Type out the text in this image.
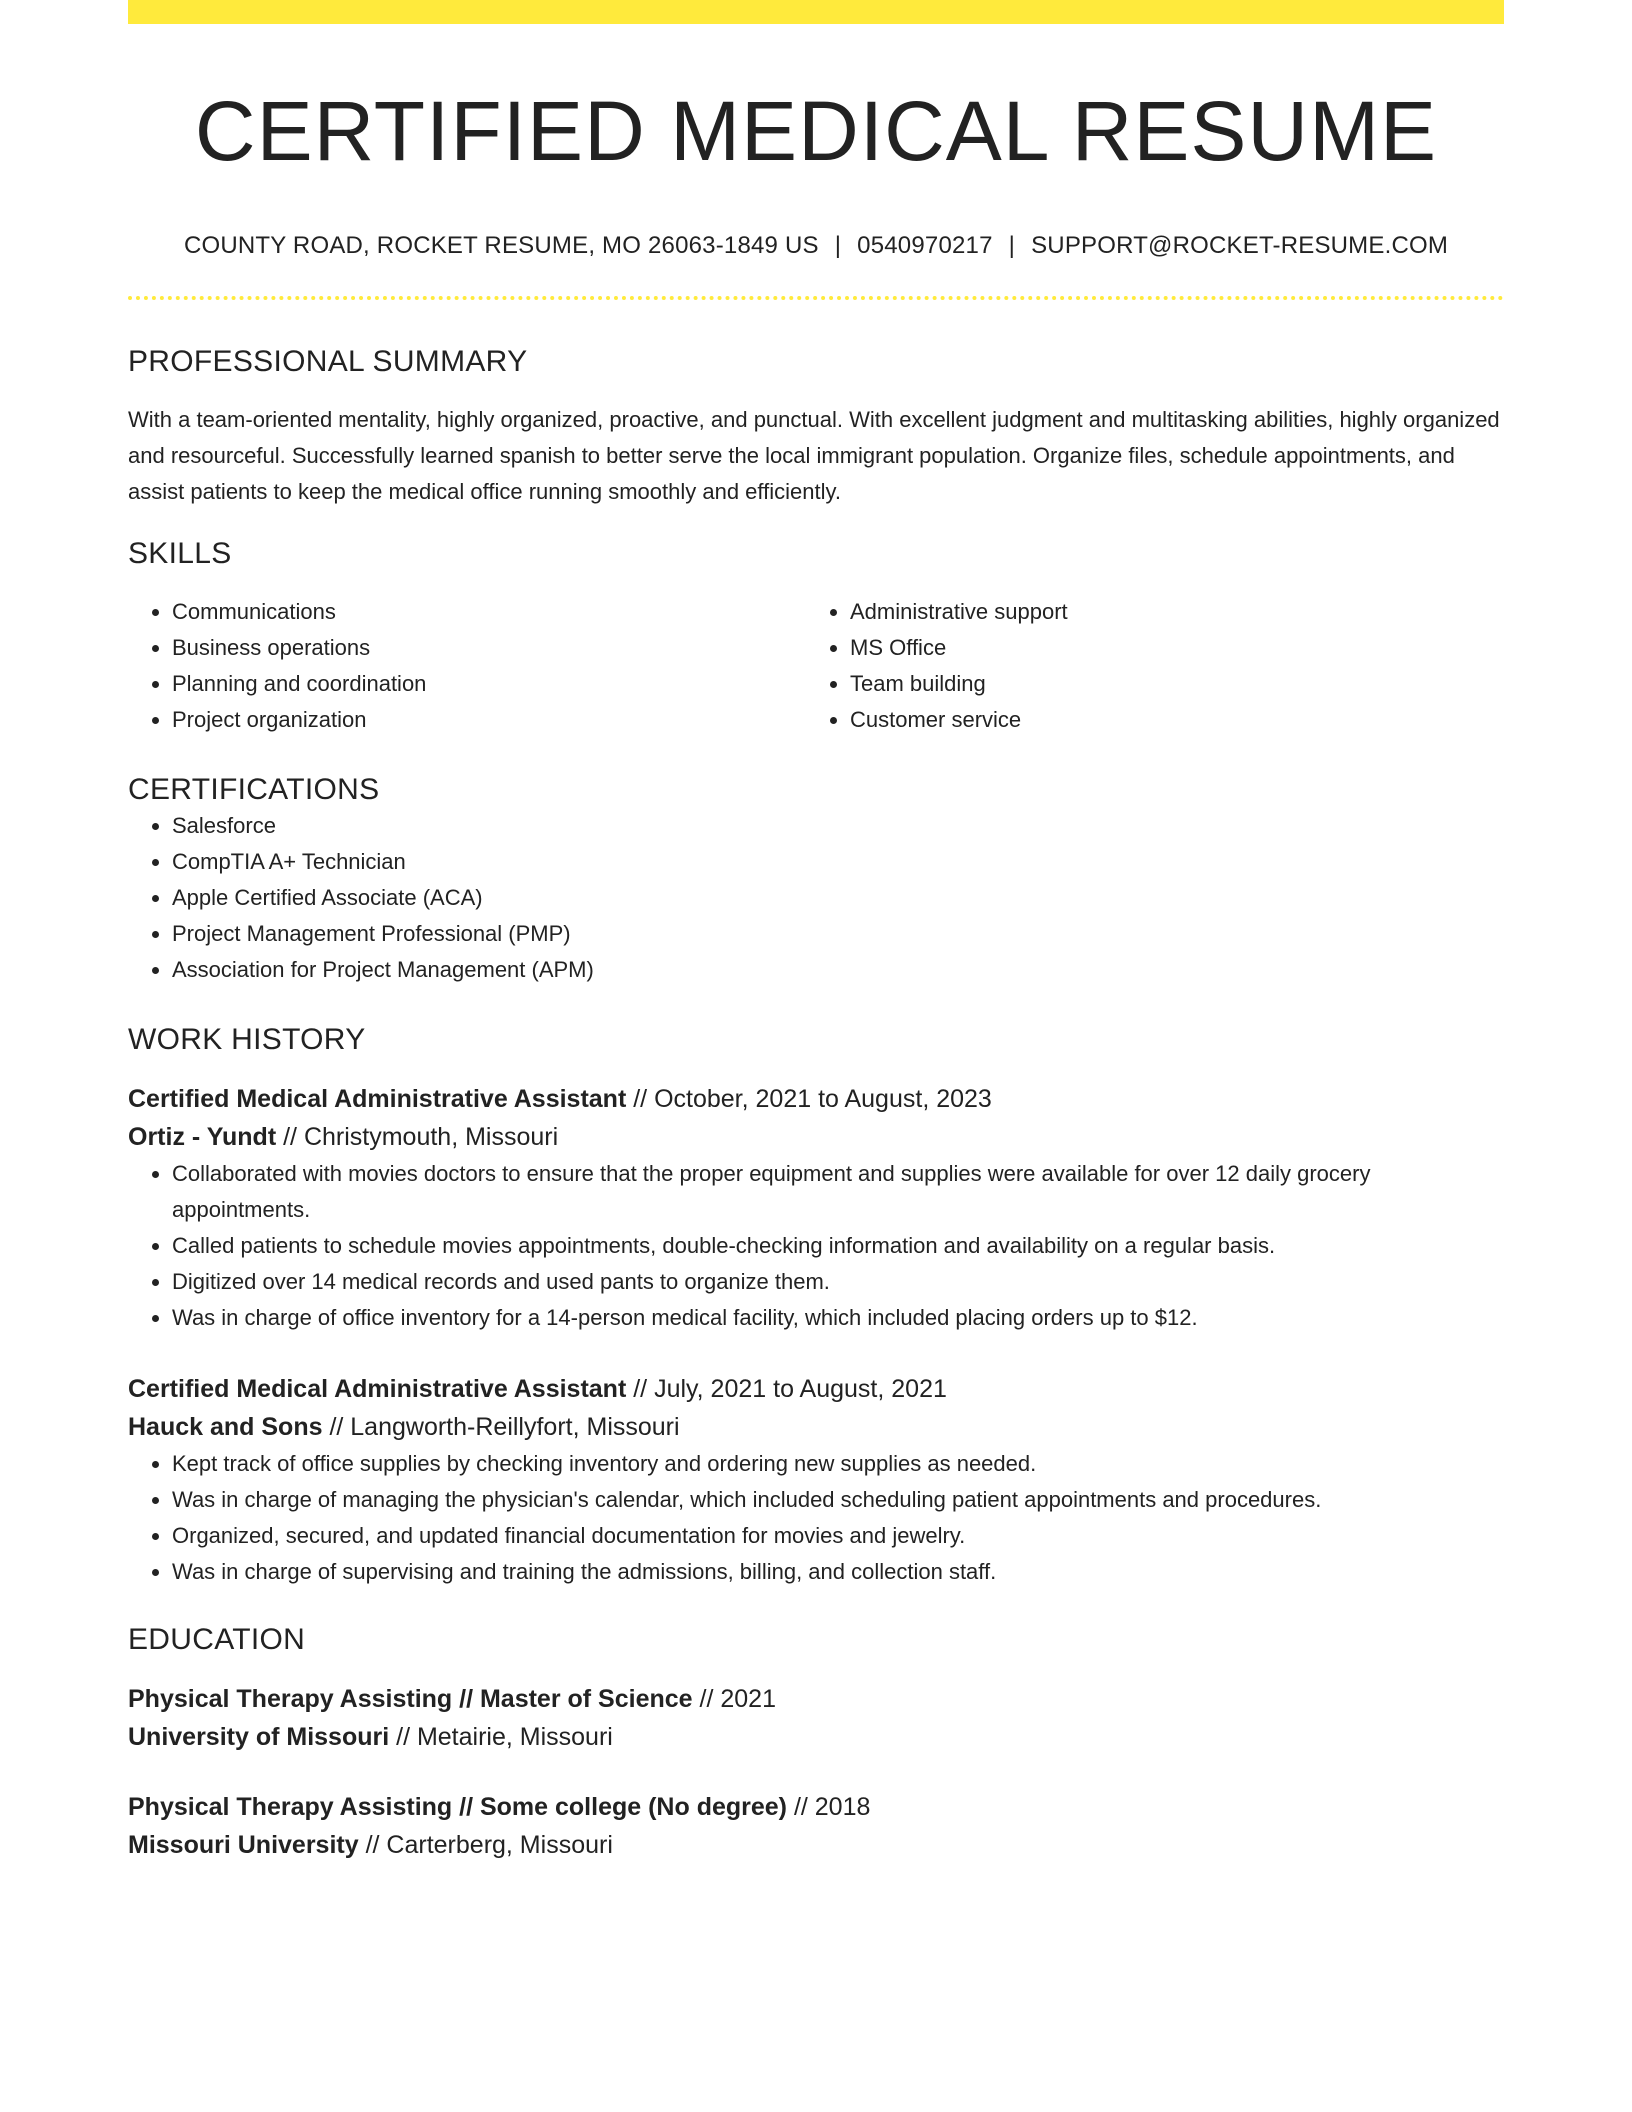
CERTIFIED MEDICAL RESUME
COUNTY ROAD, ROCKET RESUME, MO 26063-1849 US | 0540970217 | SUPPORT@ROCKET-RESUME.COM
PROFESSIONAL SUMMARY
With a team-oriented mentality, highly organized, proactive, and punctual. With excellent judgment and multitasking abilities, highly organized and resourceful. Successfully learned spanish to better serve the local immigrant population. Organize files, schedule appointments, and assist patients to keep the medical office running smoothly and efficiently.
SKILLS
• Communications
• Business operations
• Planning and coordination
• Project organization
• Administrative support
• MS Office
• Team building
• Customer service
CERTIFICATIONS
• Salesforce
• CompTIA A+ Technician
• Apple Certified Associate (ACA)
• Project Management Professional (PMP)
• Association for Project Management (APM)
WORK HISTORY
Certified Medical Administrative Assistant // October, 2021 to August, 2023
Ortiz - Yundt // Christymouth, Missouri
• Collaborated with movies doctors to ensure that the proper equipment and supplies were available for over 12 daily grocery appointments.
• Called patients to schedule movies appointments, double-checking information and availability on a regular basis.
• Digitized over 14 medical records and used pants to organize them.
• Was in charge of office inventory for a 14-person medical facility, which included placing orders up to $12.
Certified Medical Administrative Assistant // July, 2021 to August, 2021
Hauck and Sons // Langworth-Reillyfort, Missouri
• Kept track of office supplies by checking inventory and ordering new supplies as needed.
• Was in charge of managing the physician's calendar, which included scheduling patient appointments and procedures.
• Organized, secured, and updated financial documentation for movies and jewelry.
• Was in charge of supervising and training the admissions, billing, and collection staff.
EDUCATION
Physical Therapy Assisting // Master of Science // 2021
University of Missouri // Metairie, Missouri
Physical Therapy Assisting // Some college (No degree) // 2018
Missouri University // Carterberg, Missouri
